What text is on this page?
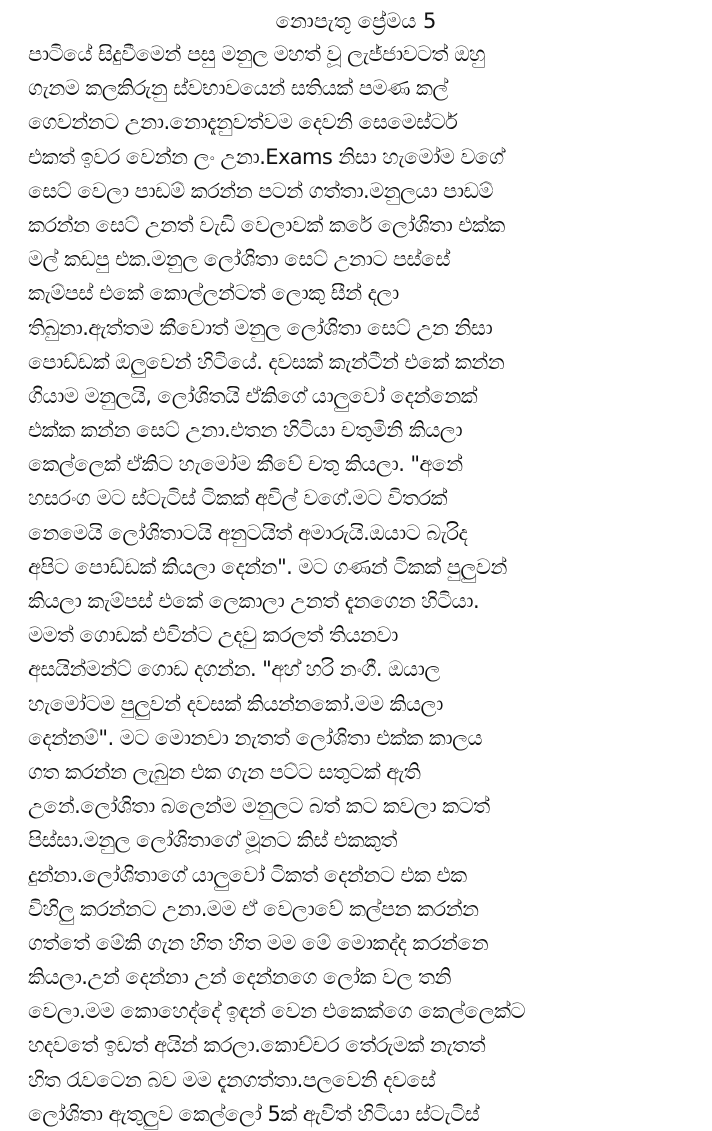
නොපැතූ ප්‍රේමය 5
පාටියේ සිදුවීමෙන් පසු මනුල මහත් වූ ලැජ්ජාවටත් ඔහු
ගැනම කලකිරුනු ස්වභාවයෙන් සතියක් පමණ කල්
ගෙවන්නට උනා.නොදැනුවත්වම දෙවනි සෙමෙස්ටර්
එකත් ඉවර වෙන්න ලං උනා.Exams නිසා හැමෝම වගේ
සෙට් වෙලා පාඩම් කරන්න පටන් ගත්තා.මනුලයා පාඩම්
කරන්න සෙට් උනත් වැඩි වෙලාවක් කරේ ලෝශිතා එක්ක
මල් කඩපු එක.මනුල ලෝශිතා සෙට් උනාට පස්සේ
කැම්පස් එකේ කොල්ලන්ටත් ලොකු සීන් දලා
තිබුනා.ඇත්තම කීවොත් මනුල ලෝශිතා සෙට් උන නිසා
පොඩ්ඩක් ඔලුවෙන් හිටියේ. දවසක් කැන්ටීන් එකේ කන්න
ගියාම මනුලයි, ලෝශිතයි ඒකිගේ යාලුවෝ දෙන්නෙක්
එක්ක කන්න සෙට් උනා.එතන හිටියා චතුමිනි කියලා
කෙල්ලෙක් ඒකිට හැමෝම කීවේ චතු කියලා. "අනේ
හසරංග මට ස්ටැටිස් ටිකක් අවිල් වගේ.මට විතරක්
නෙමෙයි ලෝශිතාටයි අනුටයිත් අමාරුයි.ඔයාට බැරිද
අපිට පොඩ්ඩක් කියලා දෙන්න". මට ගණන් ටිකක් පුලුවන්
කියලා කැම්පස් එකේ ලෙකාලා උනත් දැනගෙන හිටියා.
මමත් ගොඩක් එවින්ට උදවු කරලත් තියනවා
අසයින්මන්ට් ගොඩ දගන්න. "අහ් හරි නංගී. ඔයාල
හැමෝටම පුලුවන් දවසක් කියන්නකෝ.මම කියලා
දෙන්නම්". මට මොනවා නැතත් ලෝශිතා එක්ක කාලය
ගත කරන්න ලැබුන එක ගැන පට්ට සතුටක් ඇති
උනේ.ලෝශිතා බලෙන්ම මනුලට බත් කට කවලා කටත්
පිස්සා.මනුල ලෝශිතාගේ මූනට කිස් එකකුත්
දුන්නා.ලෝශිතාගේ යාලුවෝ ටිකත් දෙන්නට එක එක
විහිලු කරන්නට උනා.මම ඒ වෙලාවේ කල්පන කරන්න
ගත්තේ මේකි ගැන හිත හිත මම මේ මොකද්ද කරන්නෙ
කියලා.උන් දෙන්නා උන් දෙන්නගෙ ලෝක වල තනි
වෙලා.මම කොහෙද්දේ ඉඳන් වෙන එකෙක්ගෙ කෙල්ලෙක්ට
හදවතේ ඉඩත් අයින් කරලා.කොච්චර තේරුමක් නැතත්
හිත රැවටෙන බව මම දැනගත්තා.පලවෙනි දවසේ
ලෝශිතා ඇතුලුව කෙල්ලෝ 5ක් ඇවිත් හිටියා ස්ටැටිස්
